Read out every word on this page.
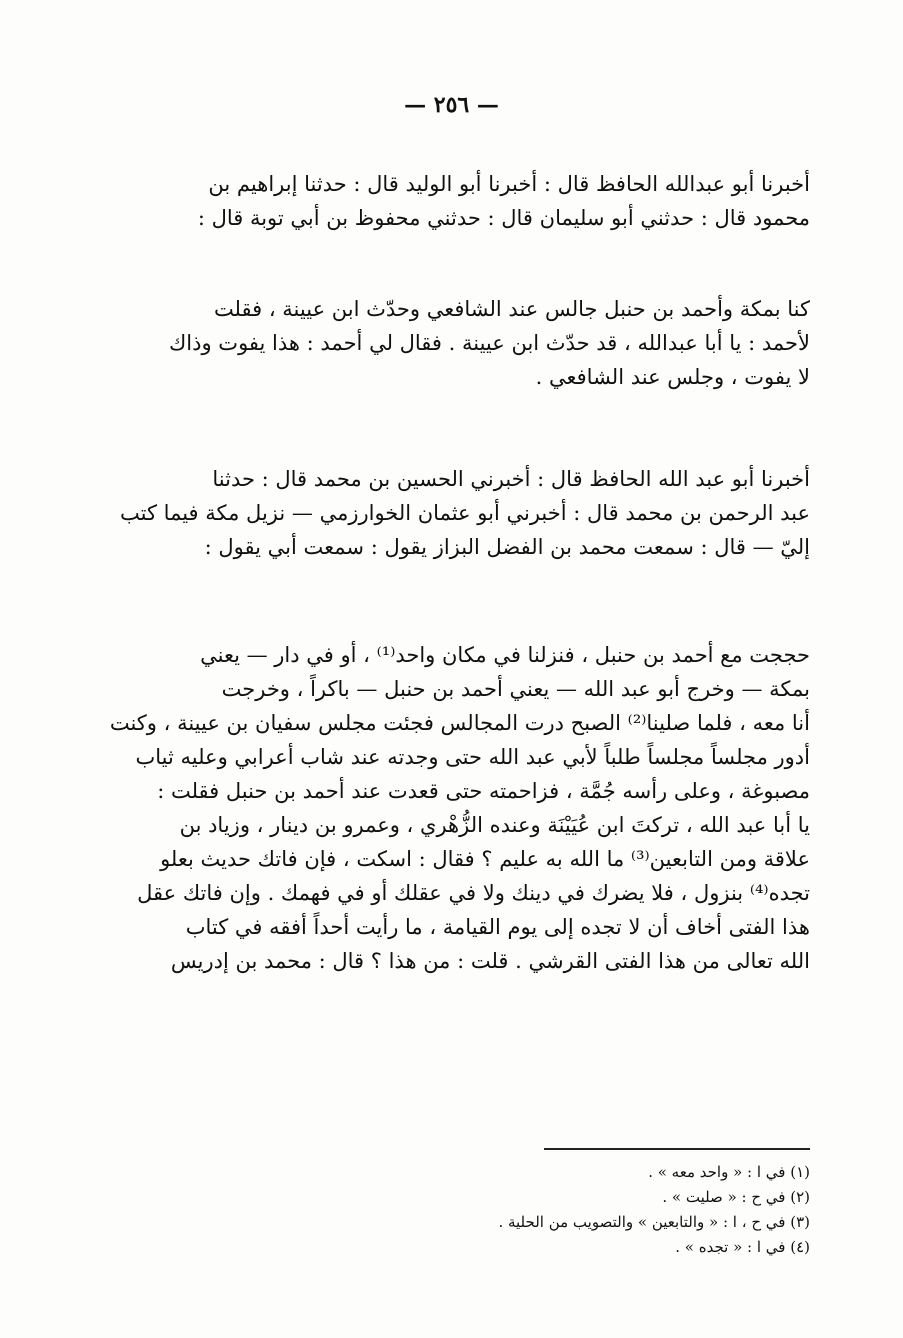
— ٢٥٦ —

أخبرنا أبو عبدالله الحافظ قال : أخبرنا أبو الوليد قال : حدثنا إبراهيم بن
محمود قال : حدثني أبو سليمان قال : حدثني محفوظ بن أبي توبة قال :

كنا بمكة وأحمد بن حنبل جالس عند الشافعي وحدّث ابن عيينة ، فقلت
لأحمد : يا أبا عبدالله ، قد حدّث ابن عيينة . فقال لي أحمد : هذا يفوت وذاك
لا يفوت ، وجلس عند الشافعي .

أخبرنا أبو عبد الله الحافظ قال : أخبرني الحسين بن محمد قال : حدثنا
عبد الرحمن بن محمد قال : أخبرني أبو عثمان الخوارزمي — نزيل مكة فيما كتب
إليّ — قال : سمعت محمد بن الفضل البزاز يقول : سمعت أبي يقول :

حججت مع أحمد بن حنبل ، فنزلنا في مكان واحد⁽¹⁾ ، أو في دار — يعني
بمكة — وخرج أبو عبد الله — يعني أحمد بن حنبل — باكراً ، وخرجت
أنا معه ، فلما صلينا⁽²⁾ الصبح درت المجالس فجئت مجلس سفيان بن عيينة ، وكنت
أدور مجلساً مجلساً طلباً لأبي عبد الله حتى وجدته عند شاب أعرابي وعليه ثياب
مصبوغة ، وعلى رأسه جُمَّة ، فزاحمته حتى قعدت عند أحمد بن حنبل فقلت :
يا أبا عبد الله ، تركتَ ابن عُيَيْنَة وعنده الزُّهْري ، وعمرو بن دينار ، وزياد بن
علاقة ومن التابعين⁽³⁾ ما الله به عليم ؟ فقال : اسكت ، فإن فاتك حديث بعلو
تجده⁽⁴⁾ بنزول ، فلا يضرك في دينك ولا في عقلك أو في فهمك . وإن فاتك عقل
هذا الفتى أخاف أن لا تجده إلى يوم القيامة ، ما رأيت أحداً أفقه في كتاب
الله تعالى من هذا الفتى القرشي . قلت : من هذا ؟ قال : محمد بن إدريس

(١) في ا : « واحد معه » .
(٢) في ح : « صليت » .
(٣) في ح ، ا : « والتابعين » والتصويب من الحلية .
(٤) في ا : « تجده » .
